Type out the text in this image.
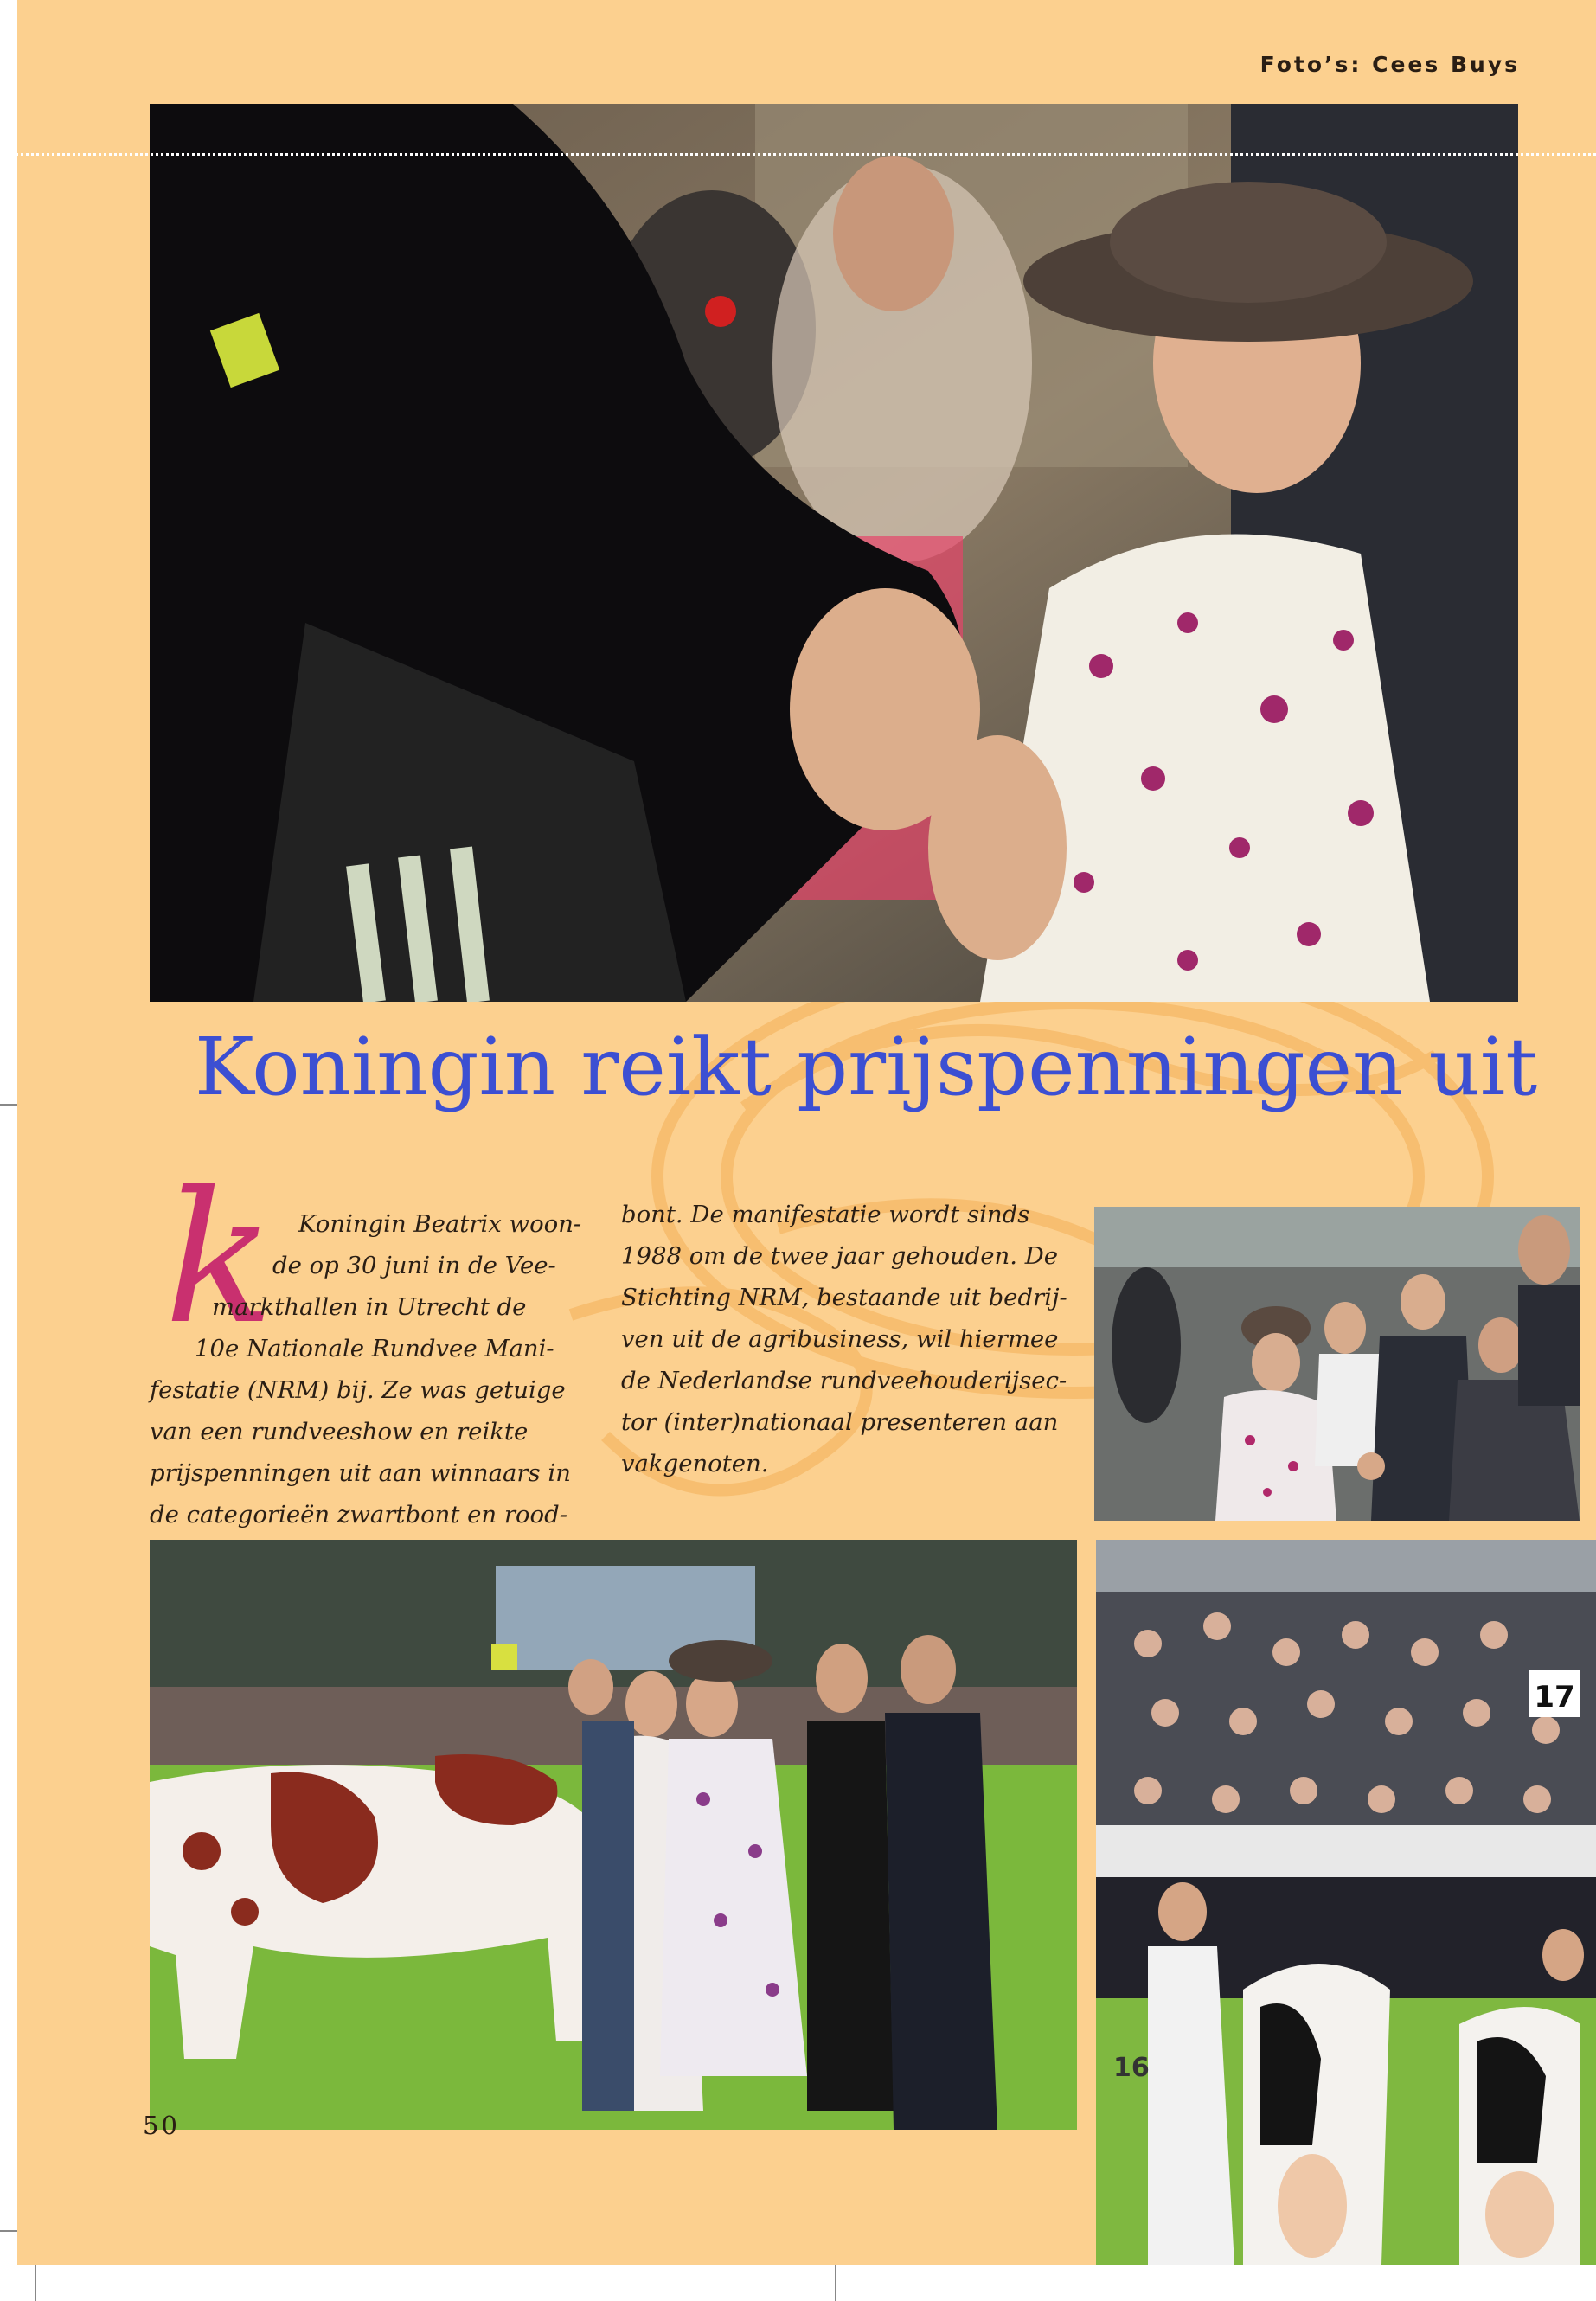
Foto’s: Cees Buys
Koningin reikt prijspenningen uit
k	Koningin Beatrix woon-
de op 30 juni in de Vee-
markthallen in Utrecht de
10e Nationale Rundvee Mani-
festatie (NRM) bij. Ze was getuige
van een rundveeshow en reikte
prijspenningen uit aan winnaars in
de categorieën zwartbont en rood-
bont. De manifestatie wordt sinds
1988 om de twee jaar gehouden. De
Stichting NRM, bestaande uit bedrij-
ven uit de agribusiness, wil hiermee
de Nederlandse rundveehouderijsec-
tor (inter)nationaal presenteren aan
vakgenoten.
17
16
50
